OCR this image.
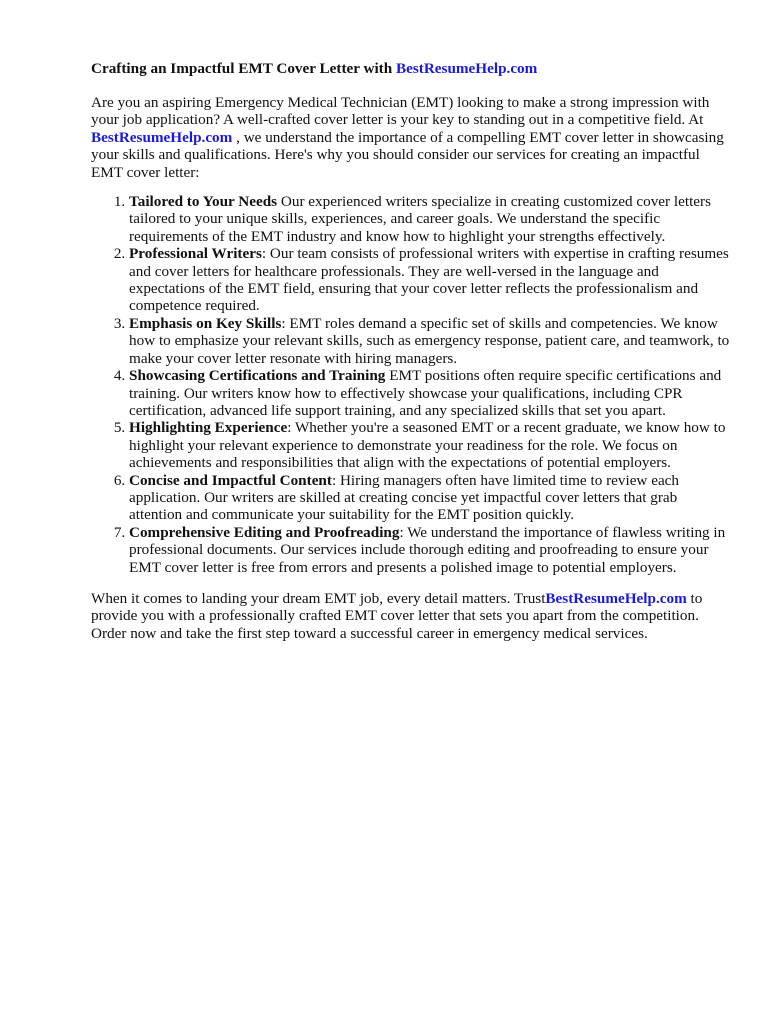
Crafting an Impactful EMT Cover Letter with BestResumeHelp.com

Are you an aspiring Emergency Medical Technician (EMT) looking to make a strong impression with your job application? A well-crafted cover letter is your key to standing out in a competitive field. At BestResumeHelp.com , we understand the importance of a compelling EMT cover letter in showcasing your skills and qualifications. Here's why you should consider our services for creating an impactful EMT cover letter:

1. Tailored to Your Needs Our experienced writers specialize in creating customized cover letters tailored to your unique skills, experiences, and career goals. We understand the specific requirements of the EMT industry and know how to highlight your strengths effectively.
2. Professional Writers: Our team consists of professional writers with expertise in crafting resumes and cover letters for healthcare professionals. They are well-versed in the language and expectations of the EMT field, ensuring that your cover letter reflects the professionalism and competence required.
3. Emphasis on Key Skills: EMT roles demand a specific set of skills and competencies. We know how to emphasize your relevant skills, such as emergency response, patient care, and teamwork, to make your cover letter resonate with hiring managers.
4. Showcasing Certifications and Training EMT positions often require specific certifications and training. Our writers know how to effectively showcase your qualifications, including CPR certification, advanced life support training, and any specialized skills that set you apart.
5. Highlighting Experience: Whether you're a seasoned EMT or a recent graduate, we know how to highlight your relevant experience to demonstrate your readiness for the role. We focus on achievements and responsibilities that align with the expectations of potential employers.
6. Concise and Impactful Content: Hiring managers often have limited time to review each application. Our writers are skilled at creating concise yet impactful cover letters that grab attention and communicate your suitability for the EMT position quickly.
7. Comprehensive Editing and Proofreading: We understand the importance of flawless writing in professional documents. Our services include thorough editing and proofreading to ensure your EMT cover letter is free from errors and presents a polished image to potential employers.

When it comes to landing your dream EMT job, every detail matters. TrustBestResumeHelp.com to provide you with a professionally crafted EMT cover letter that sets you apart from the competition. Order now and take the first step toward a successful career in emergency medical services.
